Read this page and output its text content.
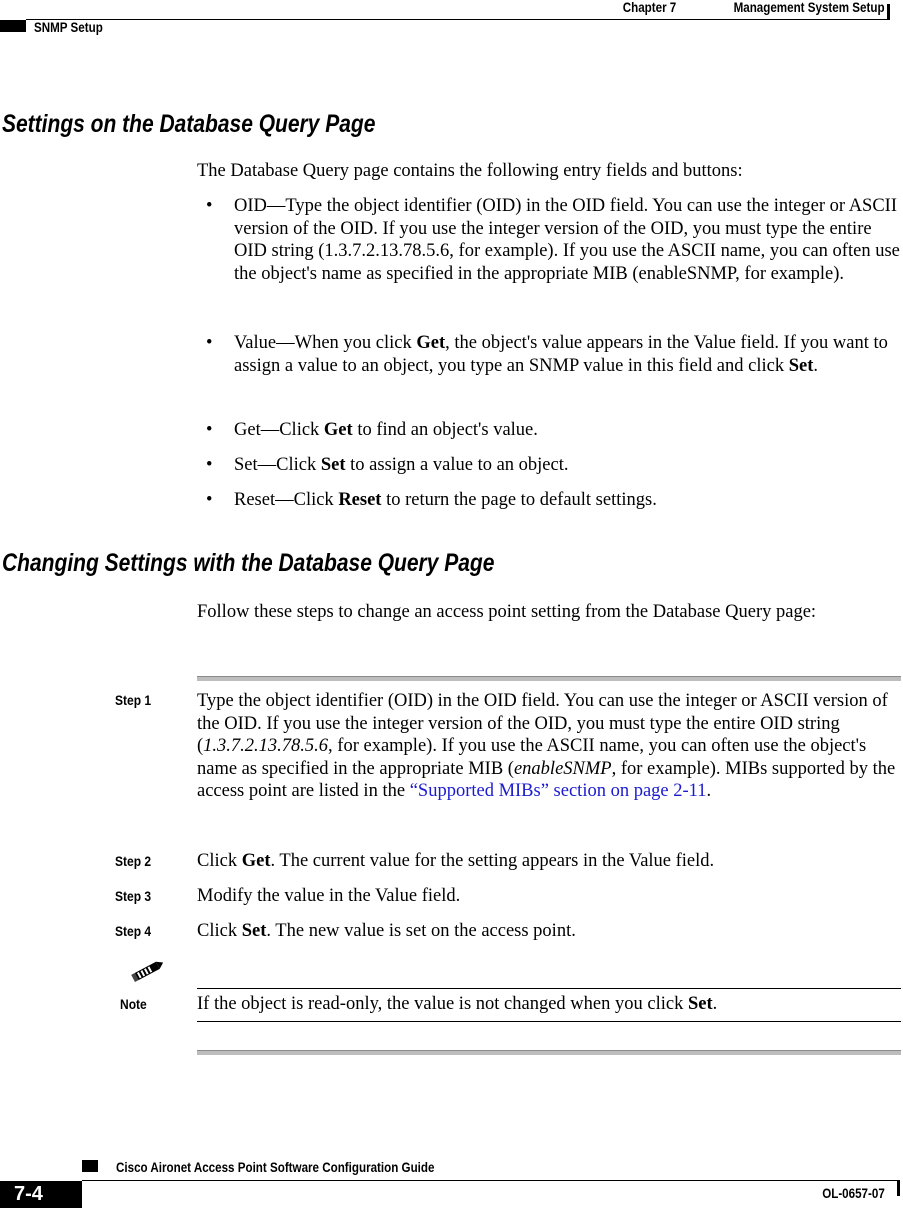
Management System Setup
Chapter 7
SNMP Setup
Settings on the Database Query Page
The Database Query page contains the following entry fields and buttons:
• OID—Type the object identifier (OID) in the OID field. You can use the integer or ASCII version of the OID. If you use the integer version of the OID, you must type the entire OID string (1.3.7.2.13.78.5.6, for example). If you use the ASCII name, you can often use the object's name as specified in the appropriate MIB (enableSNMP, for example).
• Value—When you click Get, the object's value appears in the Value field. If you want to assign a value to an object, you type an SNMP value in this field and click Set.
• Get—Click Get to find an object's value.
• Set—Click Set to assign a value to an object.
• Reset—Click Reset to return the page to default settings.
Changing Settings with the Database Query Page
Follow these steps to change an access point setting from the Database Query page:
Step 1	Type the object identifier (OID) in the OID field. You can use the integer or ASCII version of the OID. If you use the integer version of the OID, you must type the entire OID string (1.3.7.2.13.78.5.6, for example). If you use the ASCII name, you can often use the object's name as specified in the appropriate MIB (enableSNMP, for example). MIBs supported by the access point are listed in the “Supported MIBs” section on page 2-11.
Step 2	Click Get. The current value for the setting appears in the Value field.
Step 3	Modify the value in the Value field.
Step 4	Click Set. The new value is set on the access point.
Note	If the object is read-only, the value is not changed when you click Set.
Cisco Aironet Access Point Software Configuration Guide
OL-0657-07
7-4
